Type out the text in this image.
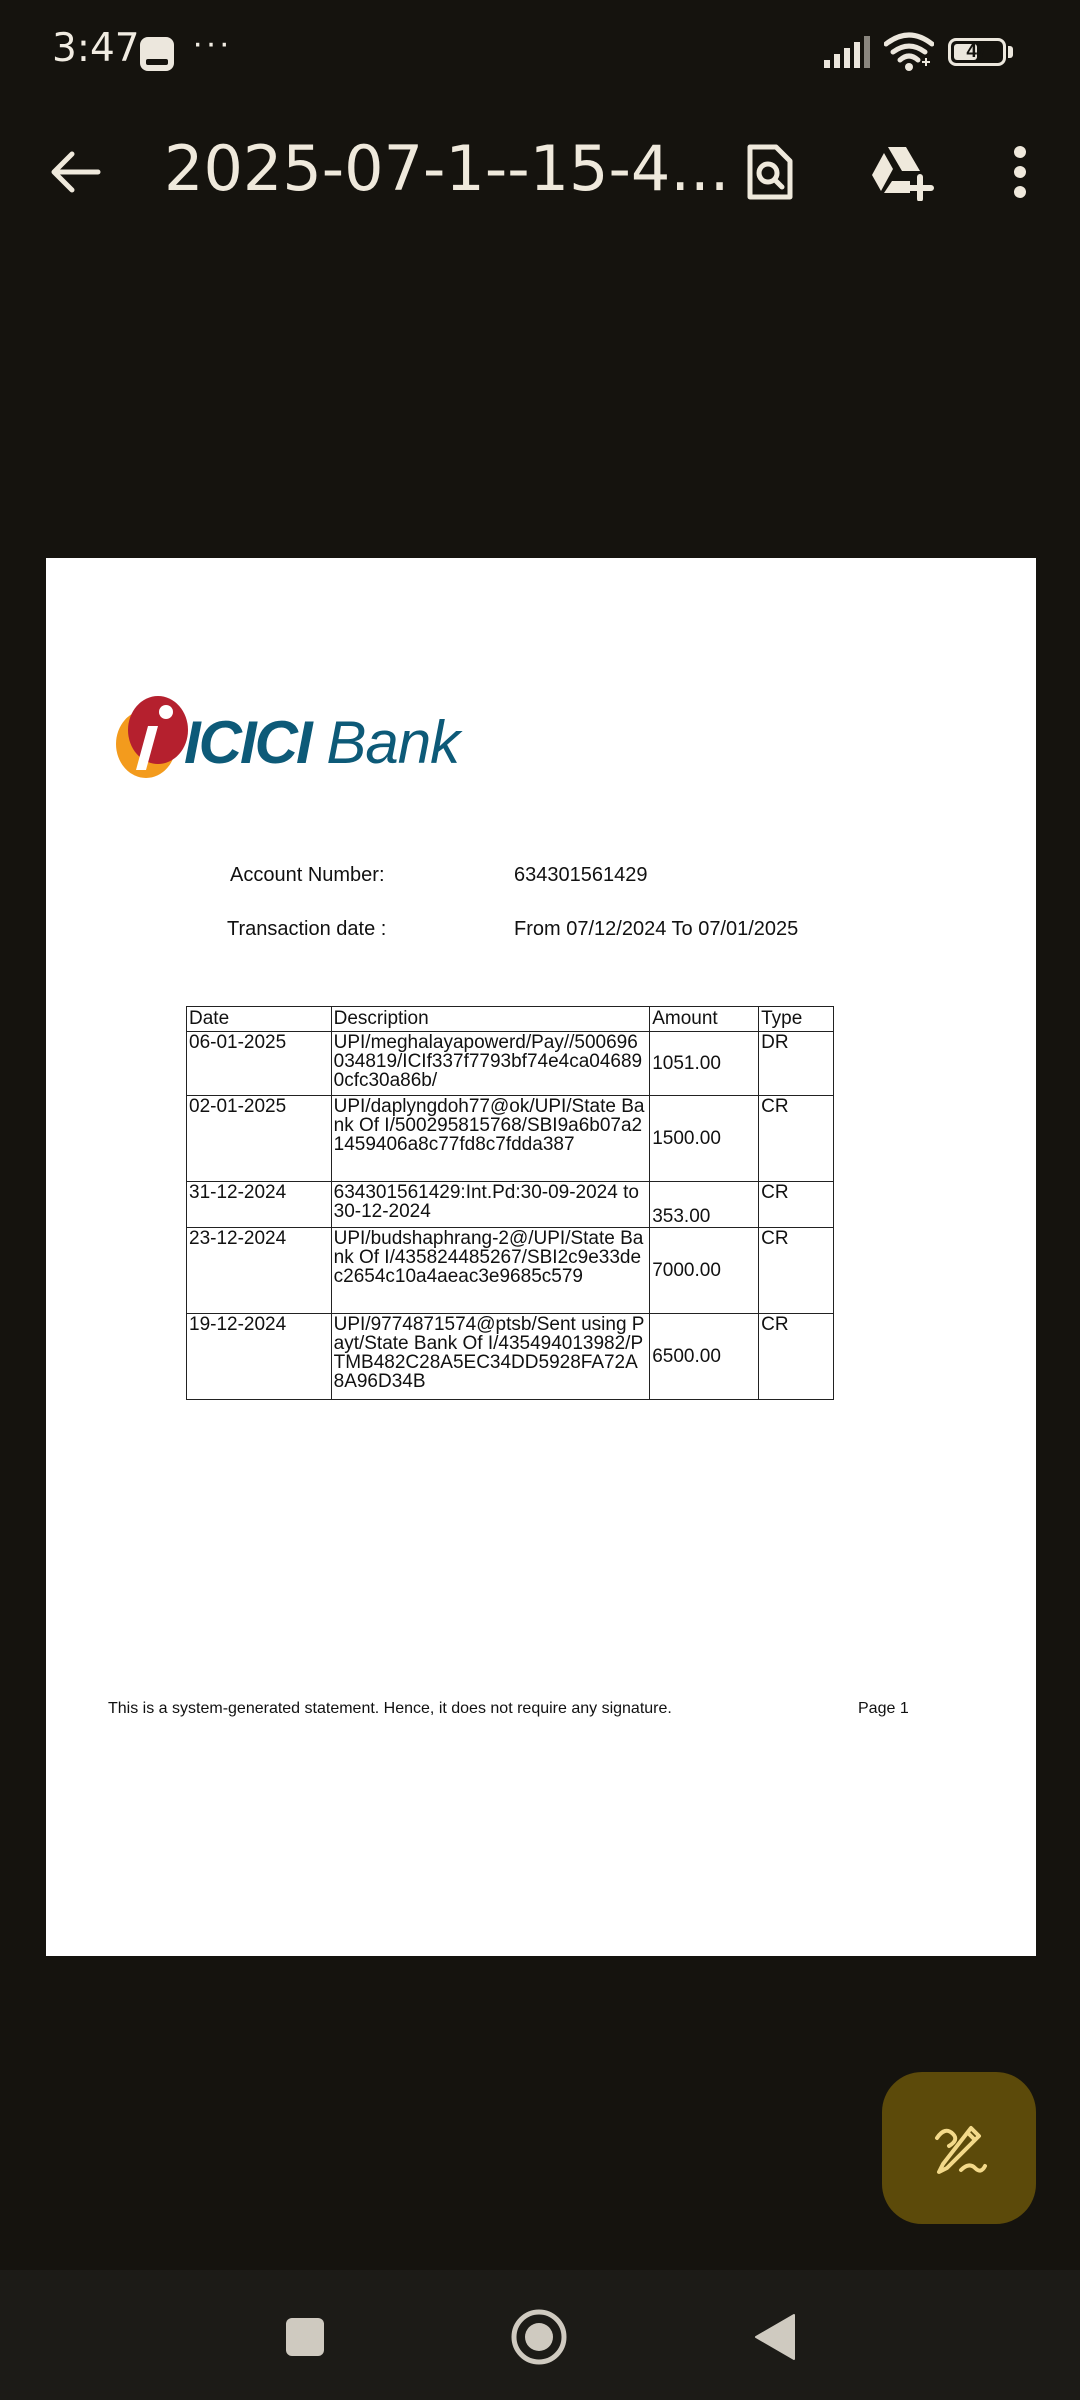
3:47 ···	47
2025-07-1--15-4...
ICICI Bank
Account Number:	634301561429
Transaction date :	From 07/12/2024 To 07/01/2025
Date	Description	Amount	Type
06-01-2025	UPI/meghalayapowerd/Pay//500696034819/ICIf337f7793bf74e4ca046890cfc30a86b/	1051.00	DR
02-01-2025	UPI/daplyngdoh77@ok/UPI/State Bank Of I/500295815768/SBI9a6b07a21459406a8c77fd8c7fdda387	1500.00	CR
31-12-2024	634301561429:Int.Pd:30-09-2024 to 30-12-2024	353.00	CR
23-12-2024	UPI/budshaphrang-2@/UPI/State Bank Of I/435824485267/SBI2c9e33dec2654c10a4aeac3e9685c579	7000.00	CR
19-12-2024	UPI/9774871574@ptsb/Sent using Payt/State Bank Of I/435494013982/PTMB482C28A5EC34DD5928FA72A8A96D34B	6500.00	CR
This is a system-generated statement. Hence, it does not require any signature.	Page 1
